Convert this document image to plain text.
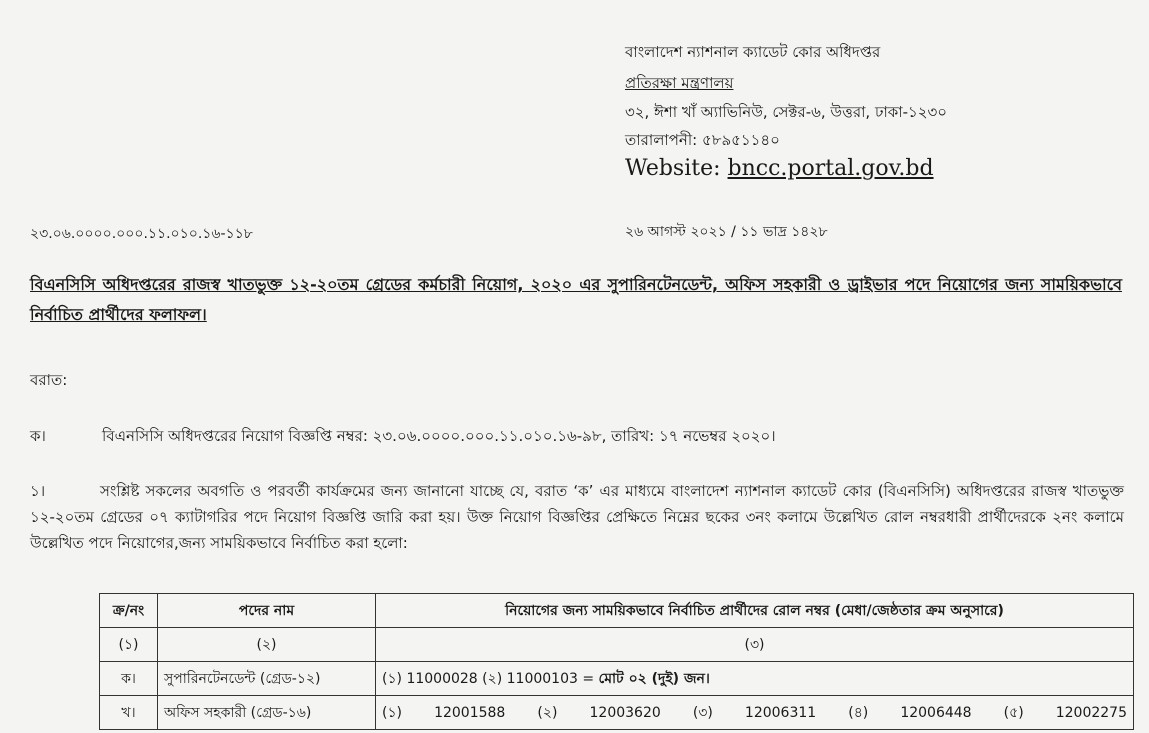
বাংলাদেশ ন্যাশনাল ক্যাডেট কোর অধিদপ্তর
প্রতিরক্ষা মন্ত্রণালয়
৩২, ঈশা খাঁ অ্যাভিনিউ, সেক্টর-৬, উত্তরা, ঢাকা-১২৩০
তারালাপনী: ৫৮৯৫১১৪০
Website: bncc.portal.gov.bd
২৩.০৬.০০০০.০০০.১১.০১০.১৬-১১৮	২৬ আগস্ট ২০২১ / ১১ ভাদ্র ১৪২৮
বিএনসিসি অধিদপ্তরের রাজস্ব খাতভুক্ত ১২-২০তম গ্রেডের কর্মচারী নিয়োগ, ২০২০ এর সুপারিনটেনডেন্ট, অফিস সহকারী ও ড্রাইভার পদে নিয়োগের জন্য সাময়িকভাবে নির্বাচিত প্রার্থীদের ফলাফল।
বরাত:
ক।	বিএনসিসি অধিদপ্তরের নিয়োগ বিজ্ঞপ্তি নম্বর: ২৩.০৬.০০০০.০০০.১১.০১০.১৬-৯৮, তারিখ: ১৭ নভেম্বর ২০২০।
১।	সংশ্লিষ্ট সকলের অবগতি ও পরবর্তী কার্যক্রমের জন্য জানানো যাচ্ছে যে, বরাত ‘ক’ এর মাধ্যমে বাংলাদেশ ন্যাশনাল ক্যাডেট কোর (বিএনসিসি) অধিদপ্তরের রাজস্ব খাতভুক্ত ১২-২০তম গ্রেডের ০৭ ক্যাটাগরির পদে নিয়োগ বিজ্ঞপ্তি জারি করা হয়। উক্ত নিয়োগ বিজ্ঞপ্তির প্রেক্ষিতে নিম্নের ছকের ৩নং কলামে উল্লেখিত রোল নম্বরধারী প্রার্থীদেরকে ২নং কলামে উল্লেখিত পদে নিয়োগের,জন্য সাময়িকভাবে নির্বাচিত করা হলো:
ক্র/নং	পদের নাম	নিয়োগের জন্য সাময়িকভাবে নির্বাচিত প্রার্থীদের রোল নম্বর (মেধা/জেষ্ঠতার ক্রম অনুসারে)
(১)	(২)	(৩)
ক।	সুপারিনটেনডেন্ট (গ্রেড-১২)	(১) 11000028 (২) 11000103 = মোট ০২ (দুই) জন।
খ।	অফিস সহকারী (গ্রেড-১৬)	(১) 12001588 (২) 12003620 (৩) 12006311 (৪) 12006448 (৫) 12002275
